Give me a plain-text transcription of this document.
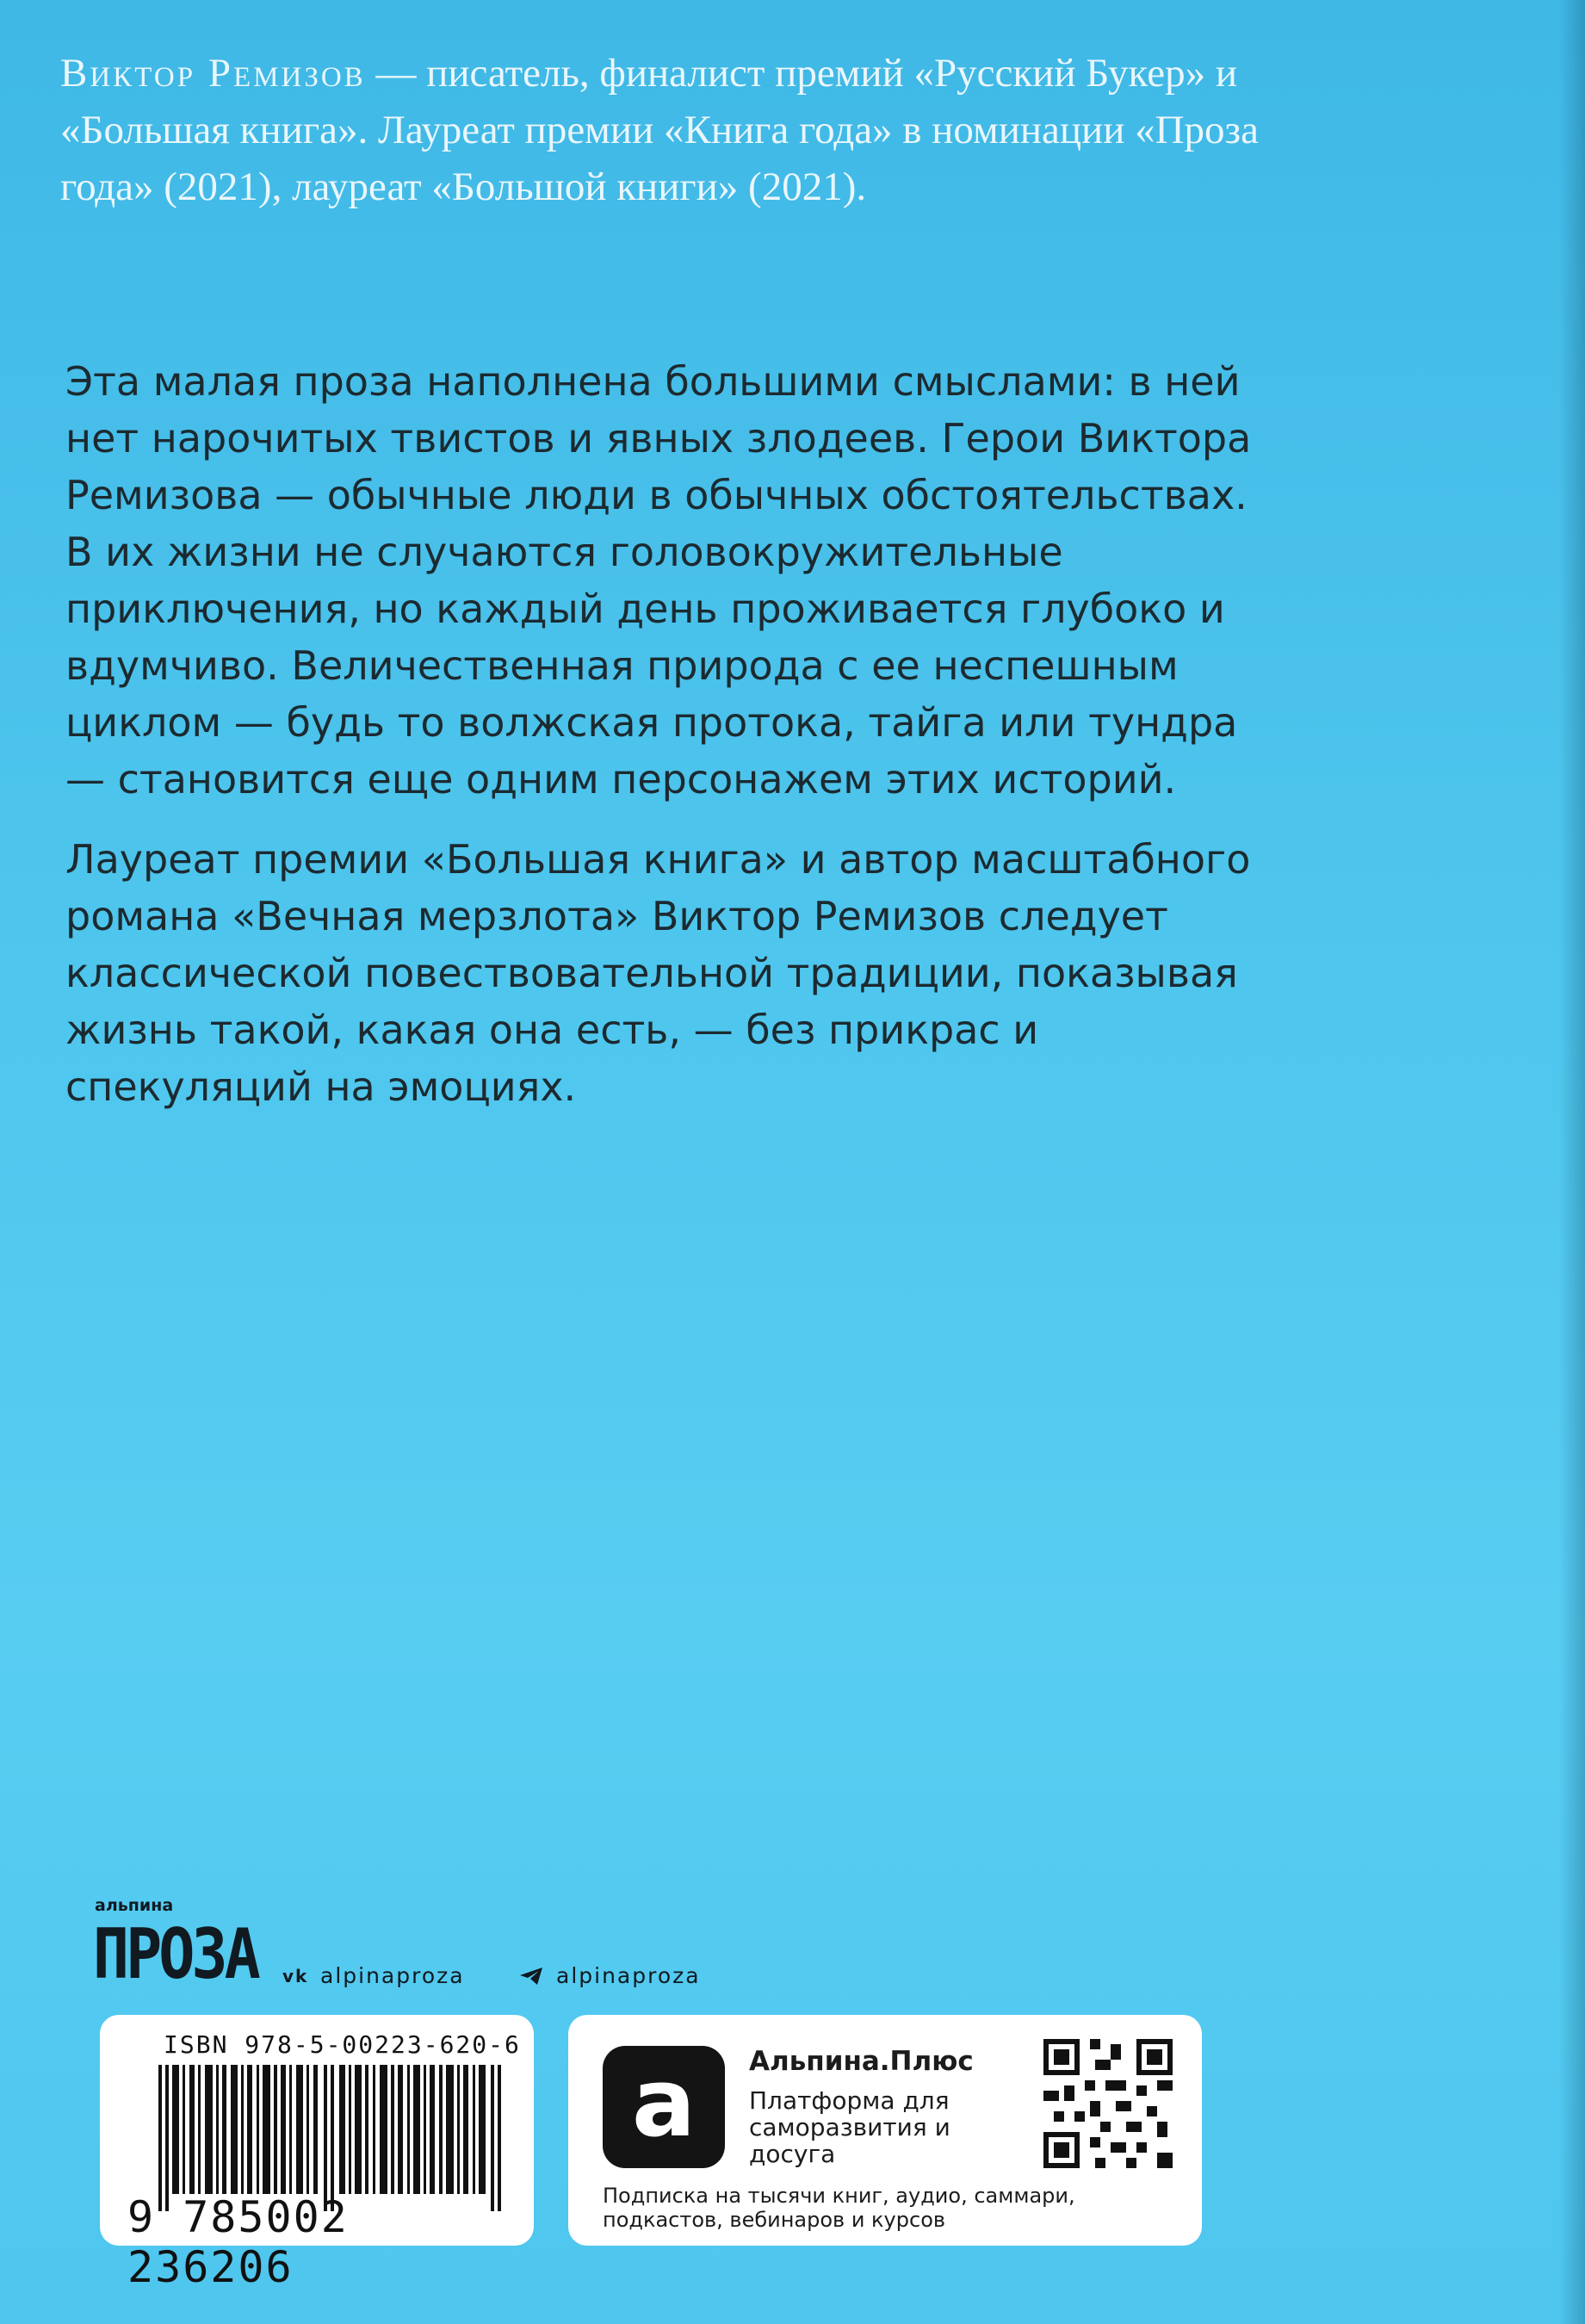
Виктор Ремизов — писатель, финалист премий «Русский Букер» и «Большая книга». Лауреат премии «Книга года» в номинации «Проза года» (2021), лауреат «Большой книги» (2021).
Эта малая проза наполнена большими смыслами: в ней нет нарочитых твистов и явных злодеев. Герои Виктора Ремизова — обычные люди в обычных обстоятельствах. В их жизни не случаются головокружительные приключения, но каждый день проживается глубоко и вдумчиво. Величественная природа с ее неспешным циклом — будь то волжская протока, тайга или тундра — становится еще одним персонажем этих историй.
Лауреат премии «Большая книга» и автор масштабного романа «Вечная мерзлота» Виктор Ремизов следует классической повествовательной традиции, показывая жизнь такой, какая она есть, — без прикрас и спекуляций на эмоциях.
альпина
ПРОЗА vk alpinaproza	alpinaproza
ISBN 978-5-00223-620-6
9 785002 236206
a Альпина.Плюс
Платформа для саморазвития и досуга
Подписка на тысячи книг, аудио, саммари, подкастов, вебинаров и курсов
